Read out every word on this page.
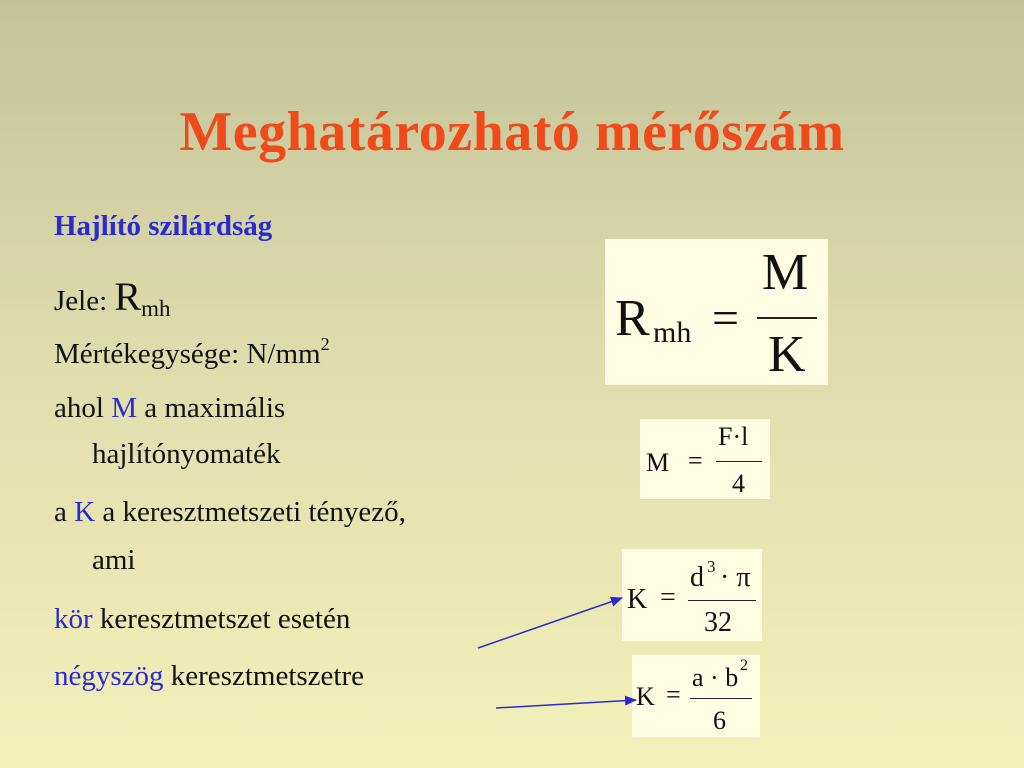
Meghatározható mérőszám
Hajlító szilárdság
Jele: $R_{mh}$
Mértékegysége: $N/mm^2$
ahol M a maximális
hajlítónyomaték
a K a keresztmetszeti tényező,
ami
kör keresztmetszet esetén
négyszög keresztmetszetre
R mh =
M
K
M =
F·l
4
K =
d 3 · π
32
K =
a · b 2
6
